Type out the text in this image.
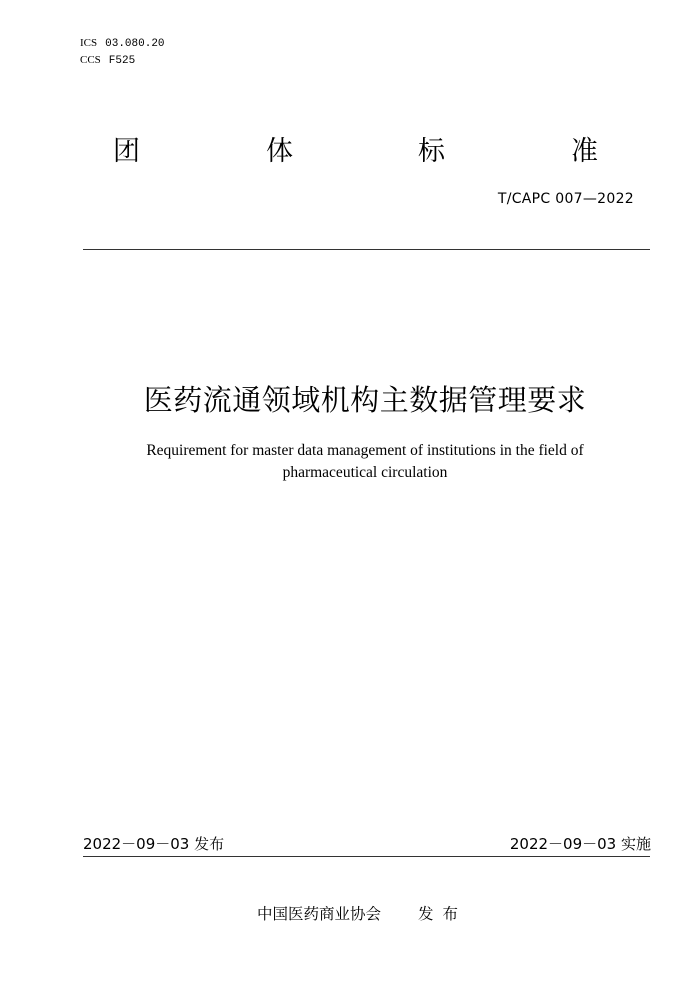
ICS 03.080.20
CCS F525
团	体	标	准
T/CAPC 007—2022
医药流通领域机构主数据管理要求
Requirement for master data management of institutions in the field of pharmaceutical circulation
2022－09－03 发布	2022－09－03 实施
中国医药商业协会 发布
